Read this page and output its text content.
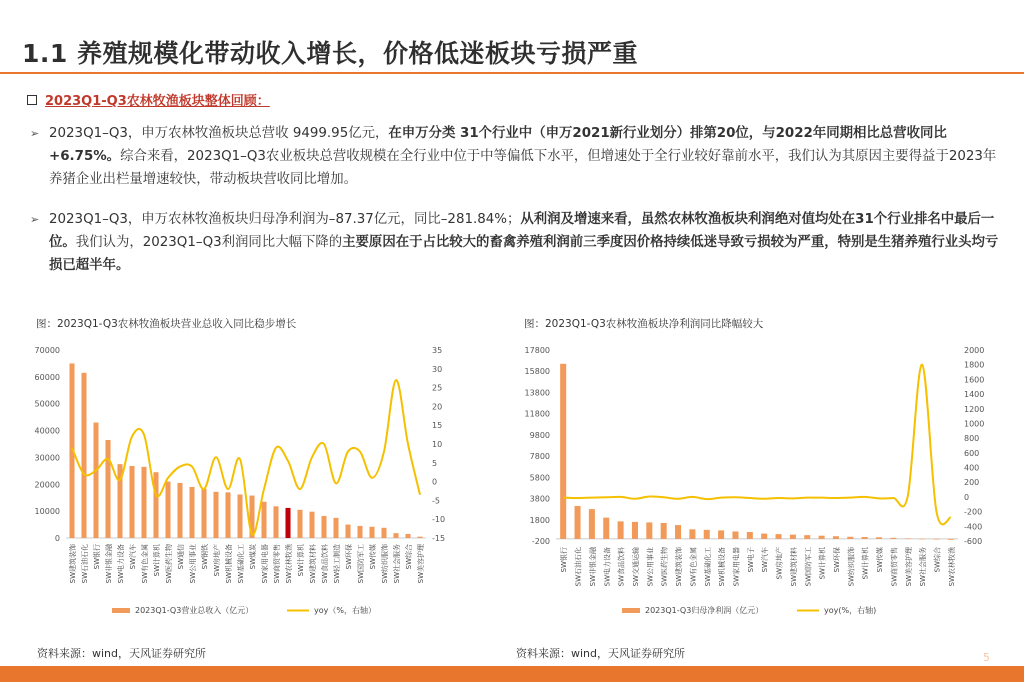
1.1 养殖规模化带动收入增长，价格低迷板块亏损严重
2023Q1-Q3农林牧渔板块整体回顾：
➢ 2023Q1–Q3，申万农林牧渔板块总营收 9499.95亿元，在申万分类 31个行业中（申万2021新行业划分）排第20位，与2022年同期相比总营收同比+6.75%。综合来看，2023Q1–Q3农业板块总营收规模在全行业中位于中等偏低下水平，但增速处于全行业较好靠前水平，我们认为其原因主要得益于2023年养猪企业出栏量增速较快，带动板块营收同比增加。
➢ 2023Q1–Q3，申万农林牧渔板块归母净利润为–87.37亿元，同比–281.84%；从利润及增速来看，虽然农林牧渔板块利润绝对值均处在31个行业排名中最后一位。我们认为，2023Q1–Q3利润同比大幅下降的主要原因在于占比较大的畜禽养殖利润前三季度因价格持续低迷导致亏损较为严重，特别是生猪养殖行业头均亏损已超半年。
图：2023Q1-Q3农林牧渔板块营业总收入同比稳步增长	图：2023Q1-Q3农林牧渔板块净利润同比降幅较大
0
10000
20000
30000
40000
50000
60000
70000
-15
-10
-5
0
5
10
15
20
25
30
35
SW建筑装饰 SW石油石化 SW银行 SW非银金融 SW电力设备 SW汽车 SW有色金属 SW计算机 SW医药生物 SW通信 SW公用事业 SW钢铁 SW房地产 SW机械设备 SW基础化工 SW煤炭 SW家用电器 SW商贸零售 SW农林牧渔 SW计算机 SW建筑材料 SW食品饮料 SW轻工制造 SW环保 SW国防军工 SW传媒 SW纺织服饰 SW社会服务 SW综合 SW美容护理
2023Q1-Q3营业总收入（亿元）	yoy（%，右轴）
-200
1800
3800
5800
7800
9800
11800
13800
15800
17800
-600
-400
-200
0
200
400
600
800
1000
1200
1400
1600
1800
2000
SW银行 SW石油石化 SW非银金融 SW电力设备 SW食品饮料 SW交通运输 SW公用事业 SW医药生物 SW建筑装饰 SW有色金属 SW基础化工 SW机械设备 SW家用电器 SW电子 SW汽车 SW房地产 SW建筑材料 SW国防军工 SW计算机 SW环保 SW纺织服饰 SW计算机 SW传媒 SW商贸零售 SW美容护理 SW社会服务 SW综合 SW农林牧渔
2023Q1-Q3归母净利润（亿元）	yoy(%，右轴)
资料来源：wind，天风证券研究所	资料来源：wind，天风证券研究所	天风证券	5
